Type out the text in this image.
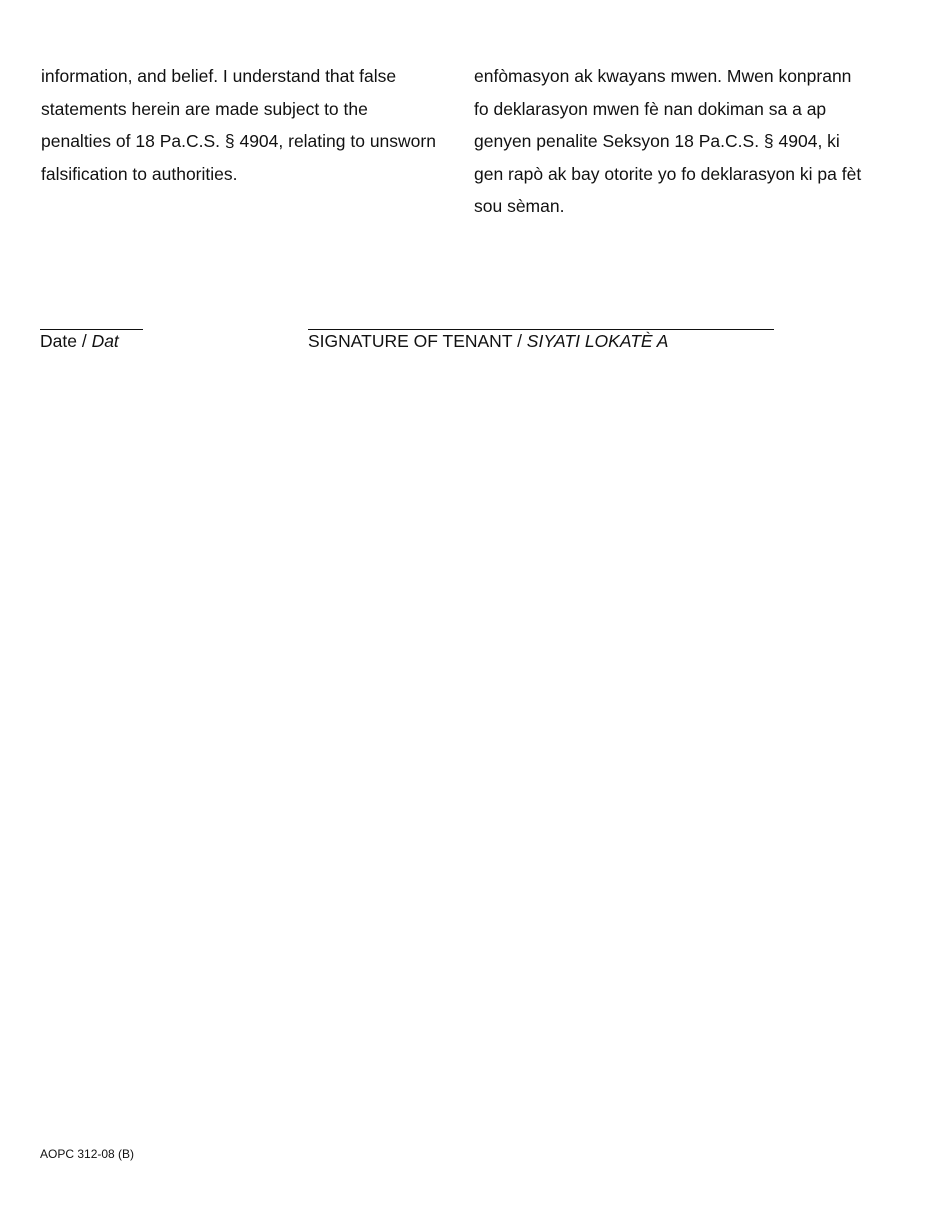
information, and belief. I understand that false

statements herein are made subject to the

penalties of 18 Pa.C.S. § 4904, relating to unsworn

falsification to authorities.

enfòmasyon ak kwayans mwen. Mwen konprann

fo deklarasyon mwen fè nan dokiman sa a ap

genyen penalite Seksyon 18 Pa.C.S. § 4904, ki

gen rapò ak bay otorite yo fo deklarasyon ki pa fèt

sou sèman.

Date / Dat	SIGNATURE OF TENANT / SIYATI LOKATÈ A
AOPC 312-08 (B)
